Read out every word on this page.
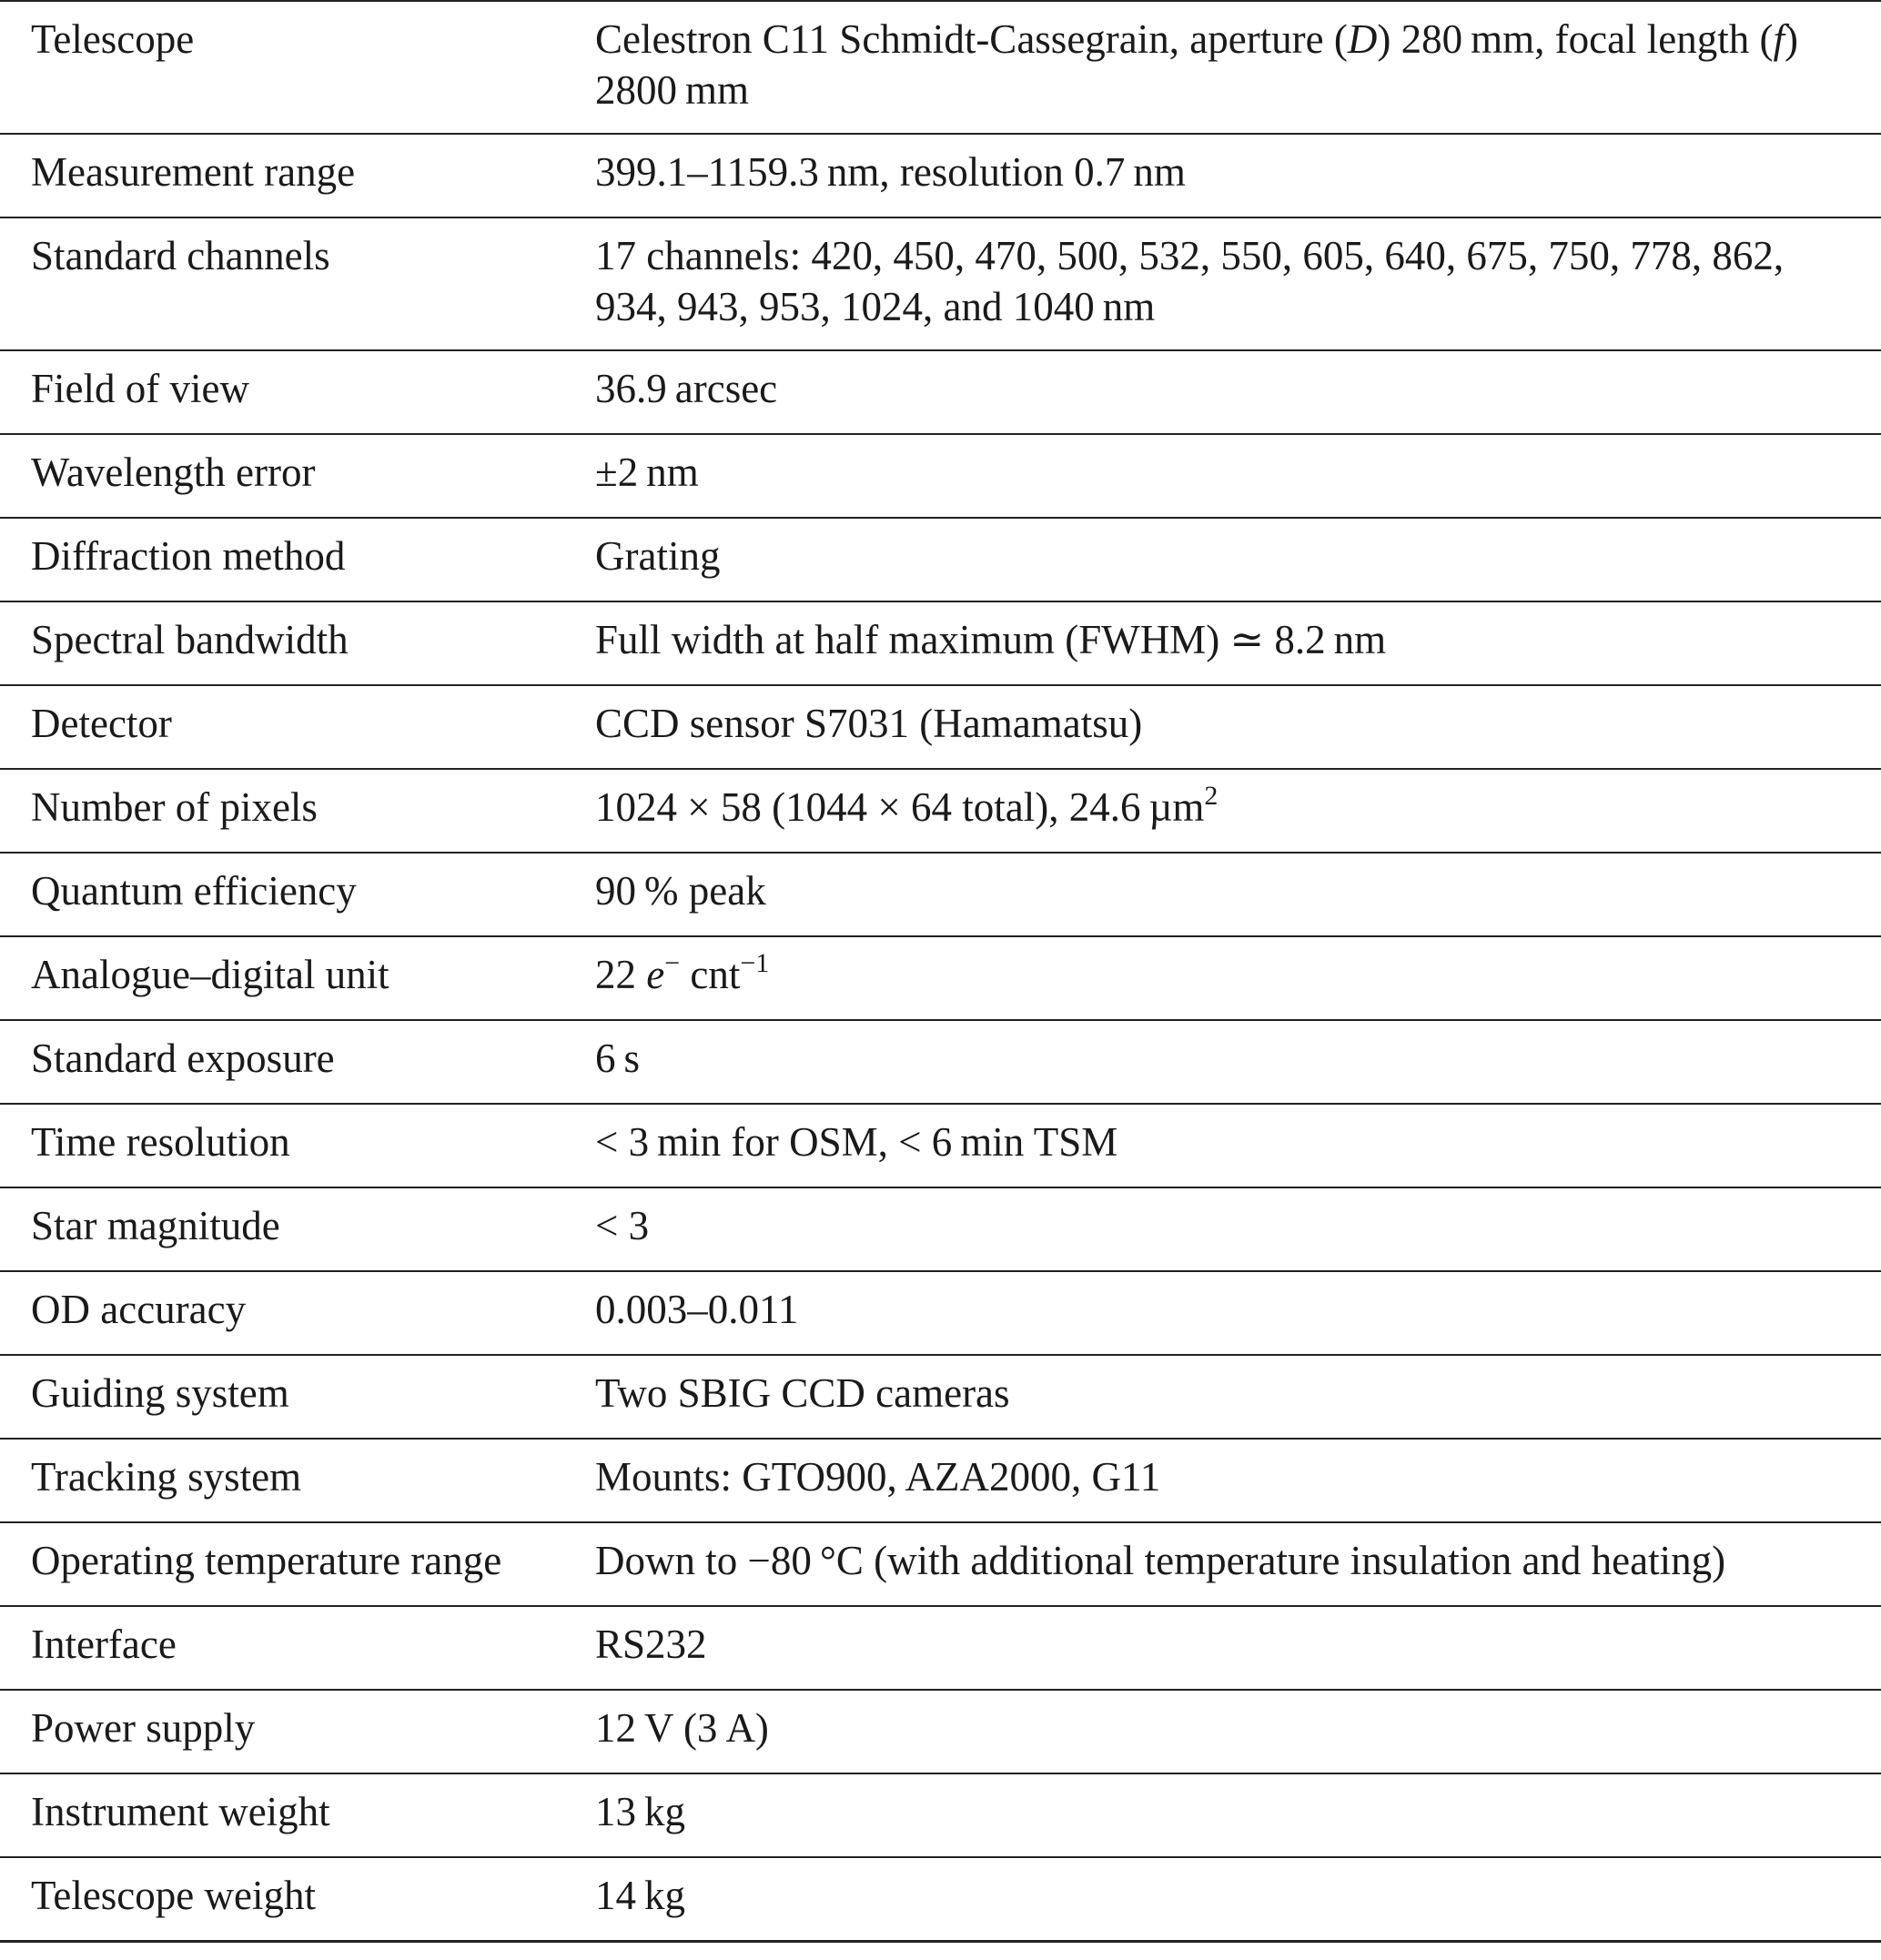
Telescope	Celestron C11 Schmidt-Cassegrain, aperture (D) 280 mm, focal length (f) 2800 mm
Measurement range	399.1–1159.3 nm, resolution 0.7 nm
Standard channels	17 channels: 420, 450, 470, 500, 532, 550, 605, 640, 675, 750, 778, 862, 934, 943, 953, 1024, and 1040 nm
Field of view	36.9 arcsec
Wavelength error	±2 nm
Diffraction method	Grating
Spectral bandwidth	Full width at half maximum (FWHM) ≃ 8.2 nm
Detector	CCD sensor S7031 (Hamamatsu)
Number of pixels	1024 × 58 (1044 × 64 total), 24.6 µm$^2$
Quantum efficiency	90 % peak
Analogue–digital unit	22 e− cnt$^{-1}$
Standard exposure	6 s
Time resolution	< 3 min for OSM, < 6 min TSM
Star magnitude	< 3
OD accuracy	0.003–0.011
Guiding system	Two SBIG CCD cameras
Tracking system	Mounts: GTO900, AZA2000, G11
Operating temperature range	Down to −80 °C (with additional temperature insulation and heating)
Interface	RS232
Power supply	12 V (3 A)
Instrument weight	13 kg
Telescope weight	14 kg
